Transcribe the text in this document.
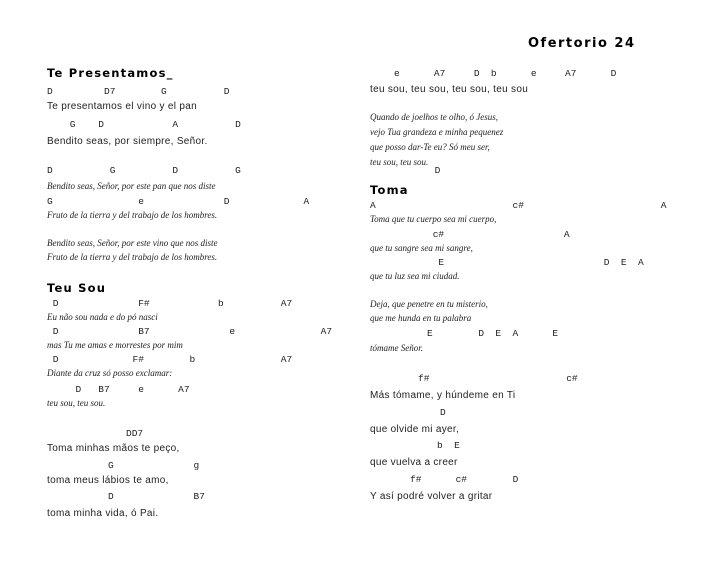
Ofertorio 24
Te Presentamos_
D         D7        G          D
Te presentamos el vino y el pan
G    D            A          D
Bendito seas, por siempre, Señor.
D          G          D          G                                  D
Bendito seas, Señor, por este pan que nos diste
G               e              D             A
Fruto de la tierra y del trabajo de los hombres.
Bendito seas, Señor, por este vino que nos diste
Fruto de la tierra y del trabajo de los hombres.
Teu Sou
D              F#            b          A7
Eu não sou nada e do pó nasci
D              B7              e               A7
mas Tu me amas e morrestes por mim
D             F#        b               A7
Diante da cruz só posso exclamar:
D   B7     e      A7
teu sou, teu sou.
DD7
Toma minhas mãos te peço,
G              g
toma meus lábios te amo,
D              B7
toma minha vida, ó Pai.
e      A7     D  b      e     A7      D
teu sou, teu sou, teu sou, teu sou
Quando de joelhos te olho, ó Jesus,
vejo Tua grandeza e minha pequenez
que posso dar-Te eu? Só meu ser,
teu sou, teu sou.
Toma
A                        c#                        A
Toma que tu cuerpo sea mi cuerpo,
c#                     A
que tu sangre sea mi sangre,
E                            D  E  A
que tu luz sea mi ciudad.
Deja, que penetre en tu misterio,
que me hunda en tu palabra
E        D  E  A      E
tómame Señor.
f#                        c#
Más tómame, y húndeme en Ti
D
que olvide mi ayer,
b  E
que vuelva a creer
f#      c#        D
Y así podré volver a gritar
